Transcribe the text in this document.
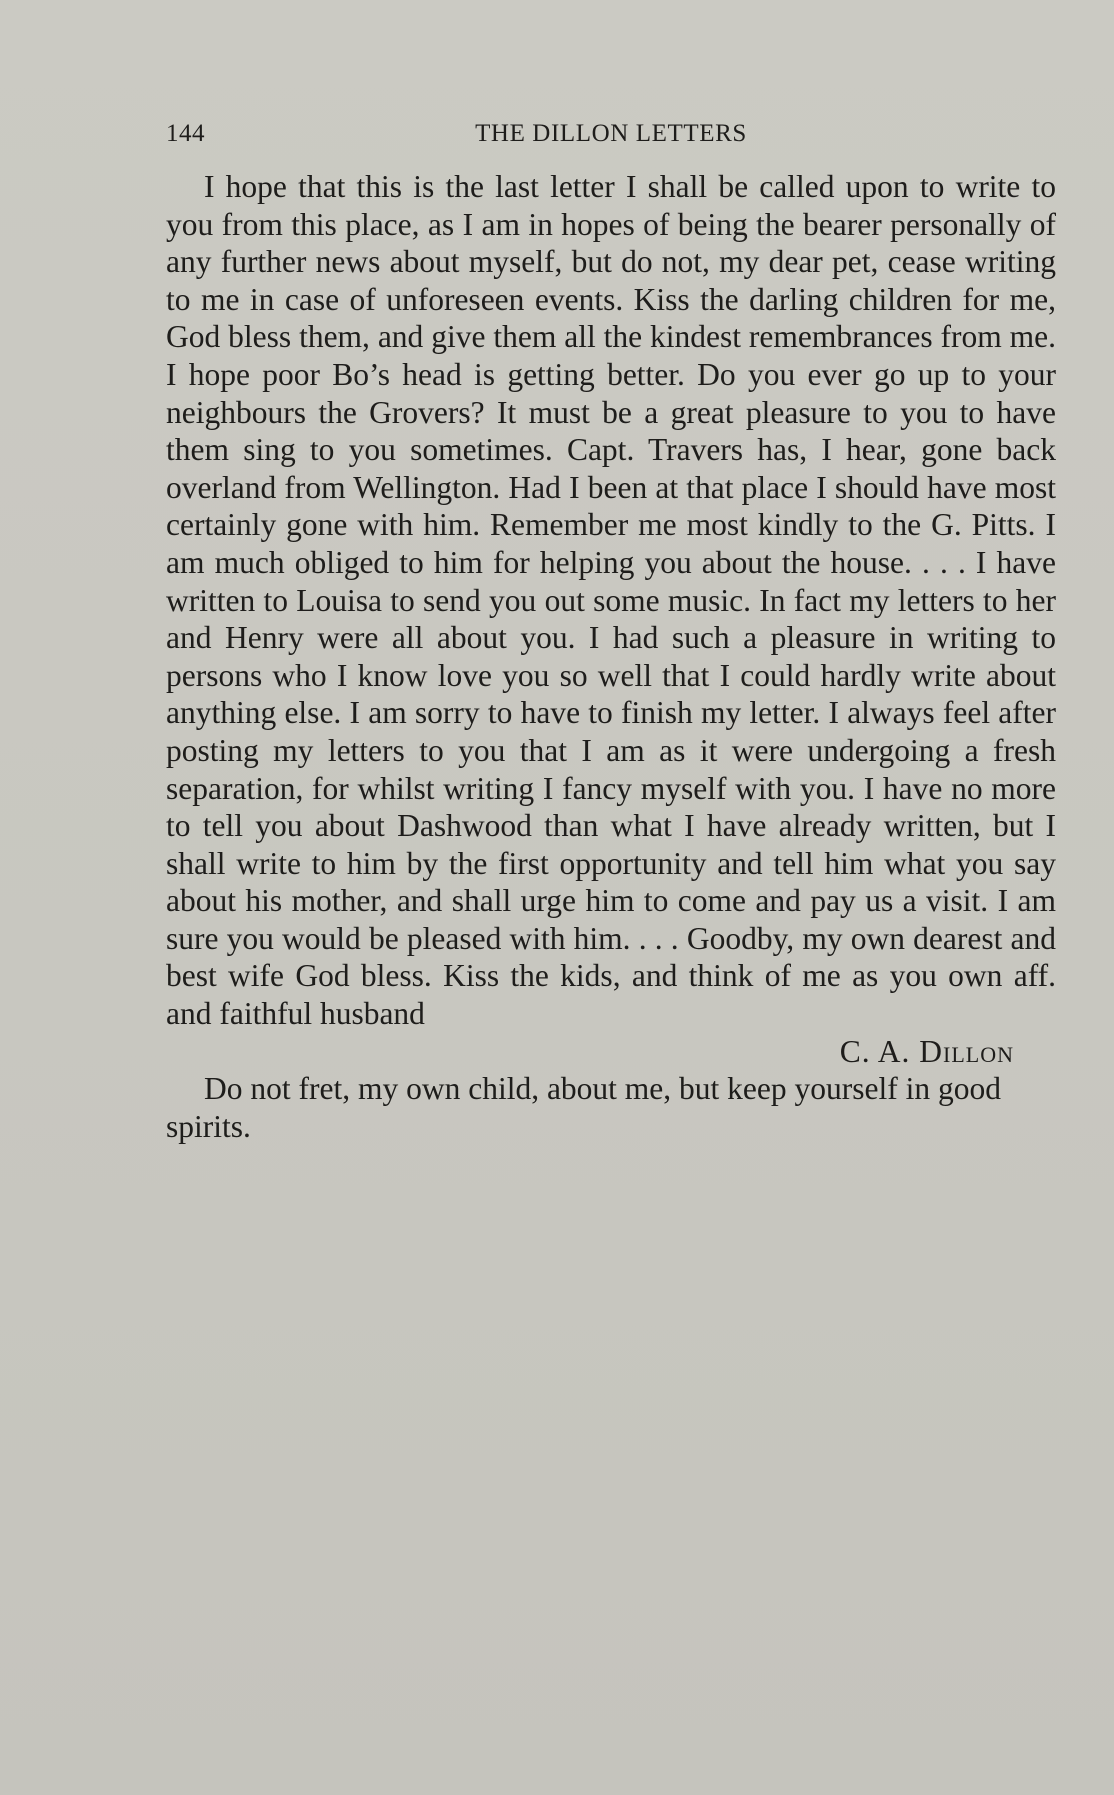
144	THE DILLON LETTERS

I hope that this is the last letter I shall be called upon to write to you from this place, as I am in hopes of being the bearer personally of any further news about myself, but do not, my dear pet, cease writing to me in case of unforeseen events. Kiss the darling children for me, God bless them, and give them all the kindest remembrances from me. I hope poor Bo’s head is getting better. Do you ever go up to your neighbours the Grovers? It must be a great pleasure to you to have them sing to you sometimes. Capt. Travers has, I hear, gone back overland from Wellington. Had I been at that place I should have most certainly gone with him. Remember me most kindly to the G. Pitts. I am much obliged to him for helping you about the house. . . . I have written to Louisa to send you out some music. In fact my letters to her and Henry were all about you. I had such a pleasure in writing to persons who I know love you so well that I could hardly write about anything else. I am sorry to have to finish my letter. I always feel after posting my letters to you that I am as it were undergoing a fresh separation, for whilst writing I fancy myself with you. I have no more to tell you about Dashwood than what I have already written, but I shall write to him by the first opportunity and tell him what you say about his mother, and shall urge him to come and pay us a visit. I am sure you would be pleased with him. . . . Goodby, my own dearest and best wife God bless. Kiss the kids, and think of me as you own aff. and faithful husband

C. A. Dillon

Do not fret, my own child, about me, but keep yourself in good spirits.
